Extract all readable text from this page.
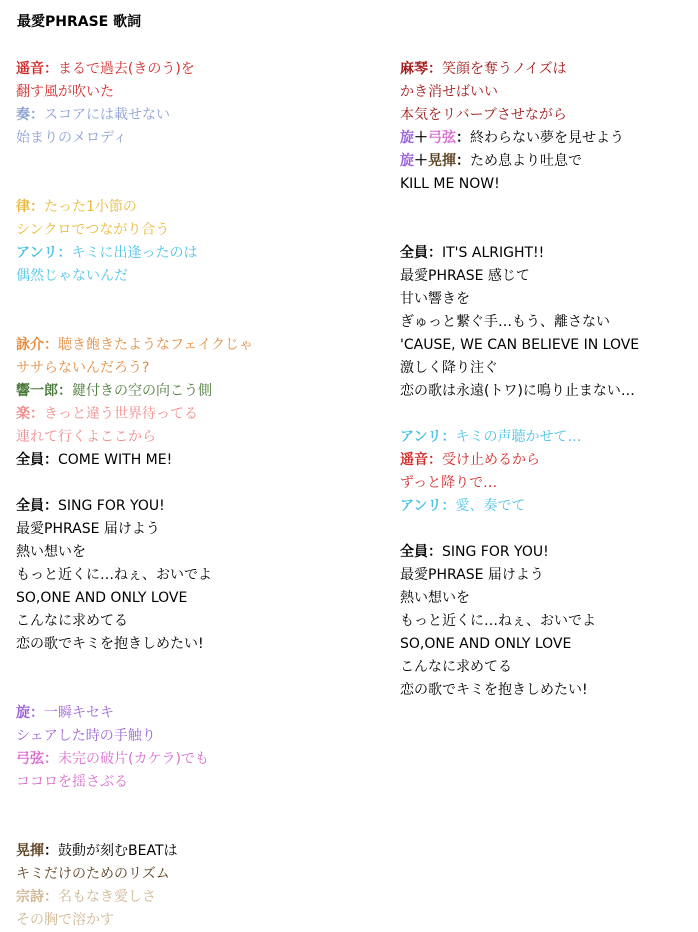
最愛PHRASE 歌詞
遥音：まるで過去(きのう)を
翻す風が吹いた
奏：スコアには載せない
始まりのメロディ
律：たった1小節の
シンクロでつながり合う
アンリ：キミに出逢ったのは
偶然じゃないんだ
詠介：聴き飽きたようなフェイクじゃ
ササらないんだろう?
響一郎：鍵付きの空の向こう側
楽：きっと違う世界待ってる
連れて行くよここから
全員：COME WITH ME!
全員：SING FOR YOU!
最愛PHRASE 届けよう
熱い想いを
もっと近くに…ねぇ、おいでよ
SO,ONE AND ONLY LOVE
こんなに求めてる
恋の歌でキミを抱きしめたい!
旋：一瞬キセキ
シェアした時の手触り
弓弦：未完の破片(カケラ)でも
ココロを揺さぶる
晃揮：鼓動が刻むBEATは
キミだけのためのリズム
宗詩：名もなき愛しさ
その胸で溶かす
麻琴：笑顔を奪うノイズは
かき消せばいい
本気をリバーブさせながら
旋＋弓弦：終わらない夢を見せよう
旋＋晃揮：ため息より吐息で
KILL ME NOW!
全員：IT'S ALRIGHT!!
最愛PHRASE 感じて
甘い響きを
ぎゅっと繋ぐ手…もう、離さない
'CAUSE, WE CAN BELIEVE IN LOVE
激しく降り注ぐ
恋の歌は永遠(トワ)に鳴り止まない…
アンリ：キミの声聴かせて…
遥音：受け止めるから
ずっと降りで…
アンリ：愛、奏でて
全員：SING FOR YOU!
最愛PHRASE 届けよう
熱い想いを
もっと近くに…ねぇ、おいでよ
SO,ONE AND ONLY LOVE
こんなに求めてる
恋の歌でキミを抱きしめたい!
